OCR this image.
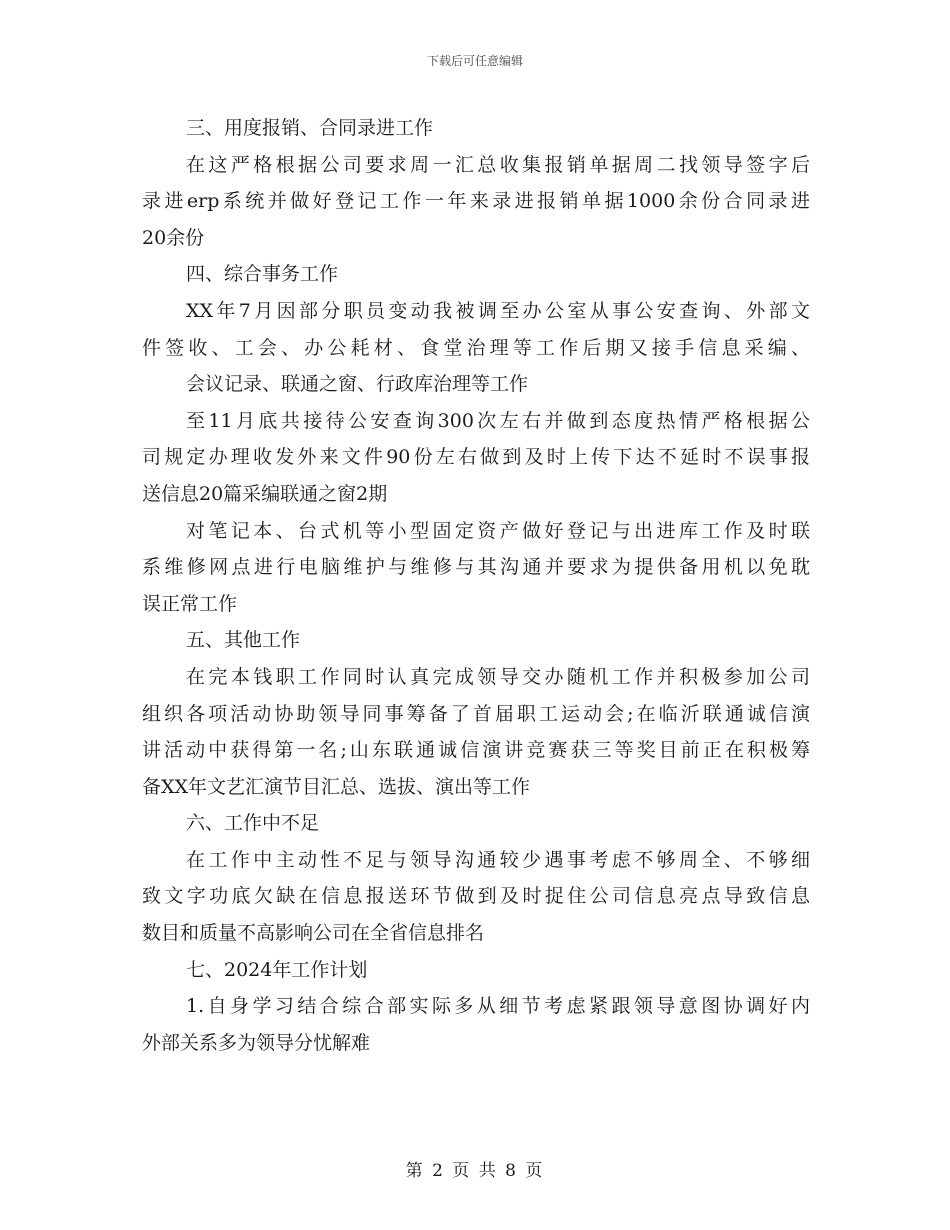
下载后可任意编辑
三、用度报销、合同录进工作
在这严格根据公司要求周一汇总收集报销单据周二找领导签字后
录进erp系统并做好登记工作一年来录进报销单据1000余份合同录进
20余份
四、综合事务工作
XX年7月因部分职员变动我被调至办公室从事公安查询、外部文
件签收、工会、办公耗材、食堂治理等工作后期又接手信息采编、
会议记录、联通之窗、行政库治理等工作
至11月底共接待公安查询300次左右并做到态度热情严格根据公
司规定办理收发外来文件90份左右做到及时上传下达不延时不误事报
送信息20篇采编联通之窗2期
对笔记本、台式机等小型固定资产做好登记与出进库工作及时联
系维修网点进行电脑维护与维修与其沟通并要求为提供备用机以免耽
误正常工作
五、其他工作
在完本钱职工作同时认真完成领导交办随机工作并积极参加公司
组织各项活动协助领导同事筹备了首届职工运动会;在临沂联通诚信演
讲活动中获得第一名;山东联通诚信演讲竞赛获三等奖目前正在积极筹
备XX年文艺汇演节目汇总、选拔、演出等工作
六、工作中不足
在工作中主动性不足与领导沟通较少遇事考虑不够周全、不够细
致文字功底欠缺在信息报送环节做到及时捉住公司信息亮点导致信息
数目和质量不高影响公司在全省信息排名
七、2024年工作计划
1.自身学习结合综合部实际多从细节考虑紧跟领导意图协调好内
外部关系多为领导分忧解难
第 2 页 共 8 页
